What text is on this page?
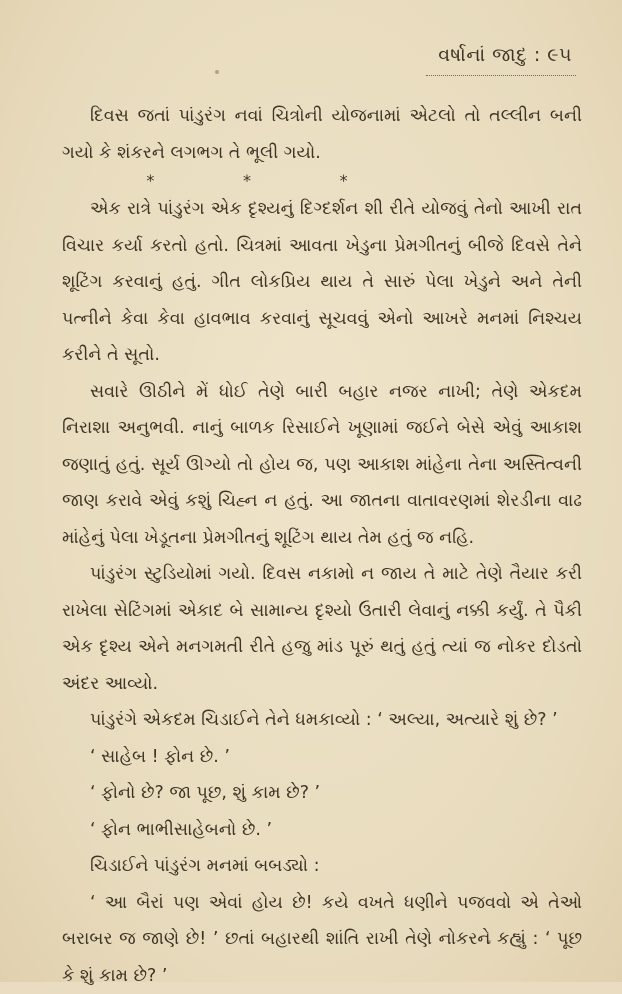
વર્ષાનાં જાદુ : ૯૫

દિવસ જતાં પાંડુરંગ નવાં ચિત્રોની યોજનામાં એટલો તો તલ્લીન બની ગયો કે શંકરને લગભગ તે ભૂલી ગયો.

*	*	*

એક રાત્રે પાંડુરંગ એક દૃશ્યનું દિગ્દર્શન શી રીતે યોજવું તેનો આખી રાત વિચાર કર્યા કરતો હતો. ચિત્રમાં આવતા ખેડુના પ્રેમગીતનું બીજે દિવસે તેને શૂટિંગ કરવાનું હતું. ગીત લોકપ્રિય થાય તે સારું પેલા ખેડુને અને તેની પત્નીને કેવા કેવા હાવભાવ કરવાનું સૂચવવું એનો આખરે મનમાં નિશ્ચય કરીને તે સૂતો.

સવારે ઊઠીને મેં ધોઈ તેણે બારી બહાર નજર નાખી; તેણે એકદમ નિરાશા અનુભવી. નાનું બાળક રિસાઈને ખૂણામાં જઈને બેસે એવું આકાશ જણાતું હતું. સૂર્ય ઊગ્યો તો હોય જ, પણ આકાશ માંહેના તેના અસ્તિત્વની જાણ કરાવે એવું કશું ચિહ્ન ન હતું. આ જાતના વાતાવરણમાં શેરડીના વાઢ માંહેનું પેલા ખેડૂતના પ્રેમગીતનું શૂટિંગ થાય તેમ હતું જ નહિ.

પાંડુરંગ સ્ટુડિયોમાં ગયો. દિવસ નકામો ન જાય તે માટે તેણે તૈયાર કરી રાખેલા સેટિંગમાં એકાદ બે સામાન્ય દૃશ્યો ઉતારી લેવાનું નક્કી કર્યું. તે પૈકી એક દૃશ્ય એને મનગમતી રીતે હજુ માંડ પૂરું થતું હતું ત્યાં જ નોકર દોડતો અંદર આવ્યો.

પાંડુરંગે એકદમ ચિડાઈને તેને ધમકાવ્યો : ‘ અલ્યા, અત્યારે શું છે? ’

‘ સાહેબ ! ફોન છે. ’

‘ ફોનો છે? જા પૂછ, શું કામ છે? ’

‘ ફોન ભાભીસાહેબનો છે. ’

ચિડાઈને પાંડુરંગ મનમાં બબડ્યો :

‘ આ બૈરાં પણ એવાં હોય છે! કયે વખતે ધણીને પજવવો એ તેઓ બરાબર જ જાણે છે! ’ છતાં બહારથી શાંતિ રાખી તેણે નોકરને કહ્યું : ‘ પૂછ કે શું કામ છે? ’
